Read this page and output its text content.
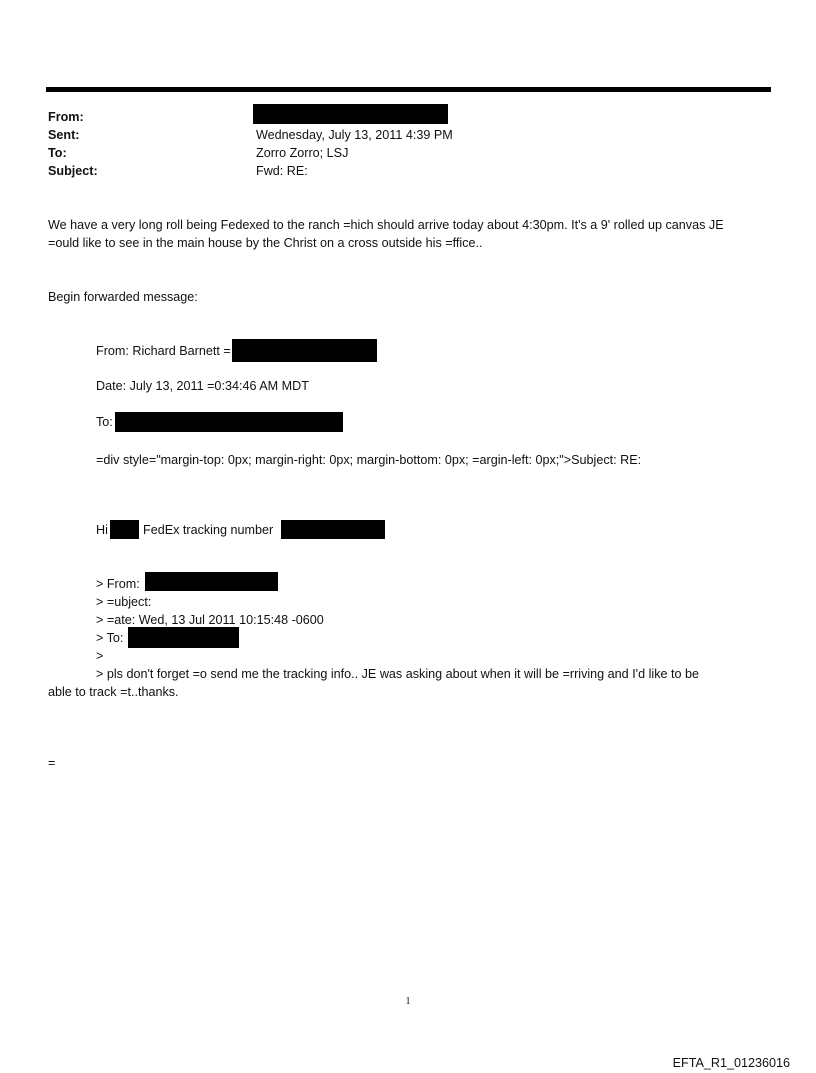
From:
Sent:	Wednesday, July 13, 2011 4:39 PM
To:	Zorro Zorro; LSJ
Subject:	Fwd: RE:
We have a very long roll being Fedexed to the ranch =hich should arrive today about 4:30pm. It's a 9' rolled up canvas JE
=ould like to see in the main house by the Christ on a cross outside his =ffice..
Begin forwarded message:
From: Richard Barnett =
Date: July 13, 2011 =0:34:46 AM MDT
To:
=div style="margin-top: 0px; margin-right: 0px; margin-bottom: 0px; =argin-left: 0px;">Subject: RE:
Hi	FedEx tracking number
> From:
> =ubject:
> =ate: Wed, 13 Jul 2011 10:15:48 -0600
> To:
>
> pls don't forget =o send me the tracking info.. JE was asking about when it will be =rriving and I'd like to be
able to track =t..thanks.
=
1
EFTA_R1_01236016
